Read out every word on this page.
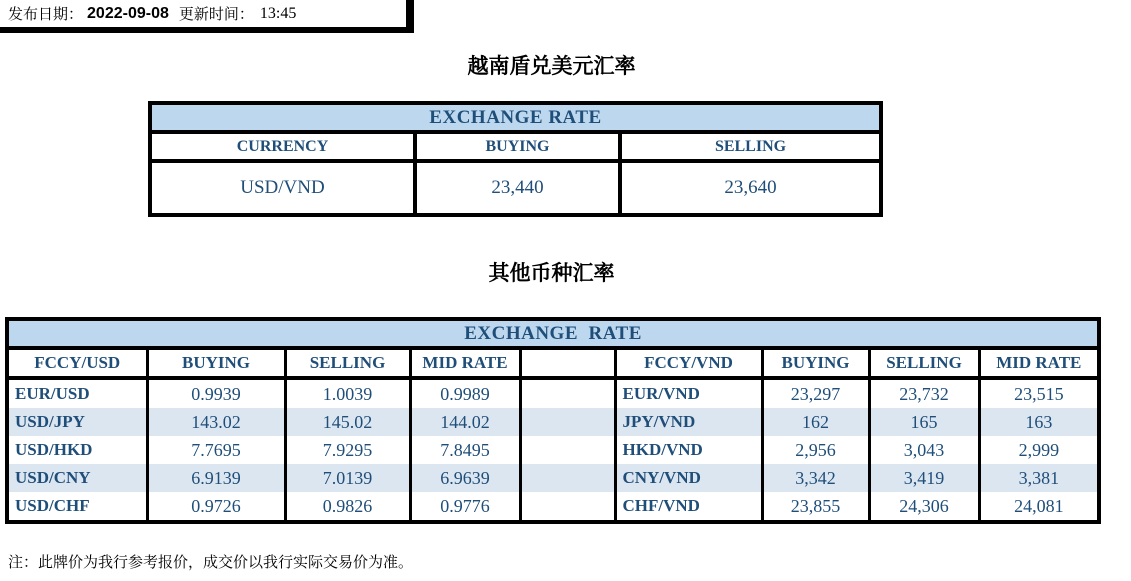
发布日期： 2022-09-08 更新时间： 13:45
越南盾兑美元汇率
EXCHANGE RATE		
CURRENCY	BUYING	SELLING
USD/VND	23,440	23,640
其他币种汇率
EXCHANGE  RATE								
FCCY/USD	BUYING	SELLING	MID RATE		FCCY/VND	BUYING	SELLING	MID RATE
EUR/USD	0.9939	1.0039	0.9989		EUR/VND	23,297	23,732	23,515
USD/JPY	143.02	145.02	144.02		JPY/VND	162	165	163
USD/HKD	7.7695	7.9295	7.8495		HKD/VND	2,956	3,043	2,999
USD/CNY	6.9139	7.0139	6.9639		CNY/VND	3,342	3,419	3,381
USD/CHF	0.9726	0.9826	0.9776		CHF/VND	23,855	24,306	24,081
注：此牌价为我行参考报价，成交价以我行实际交易价为准。
